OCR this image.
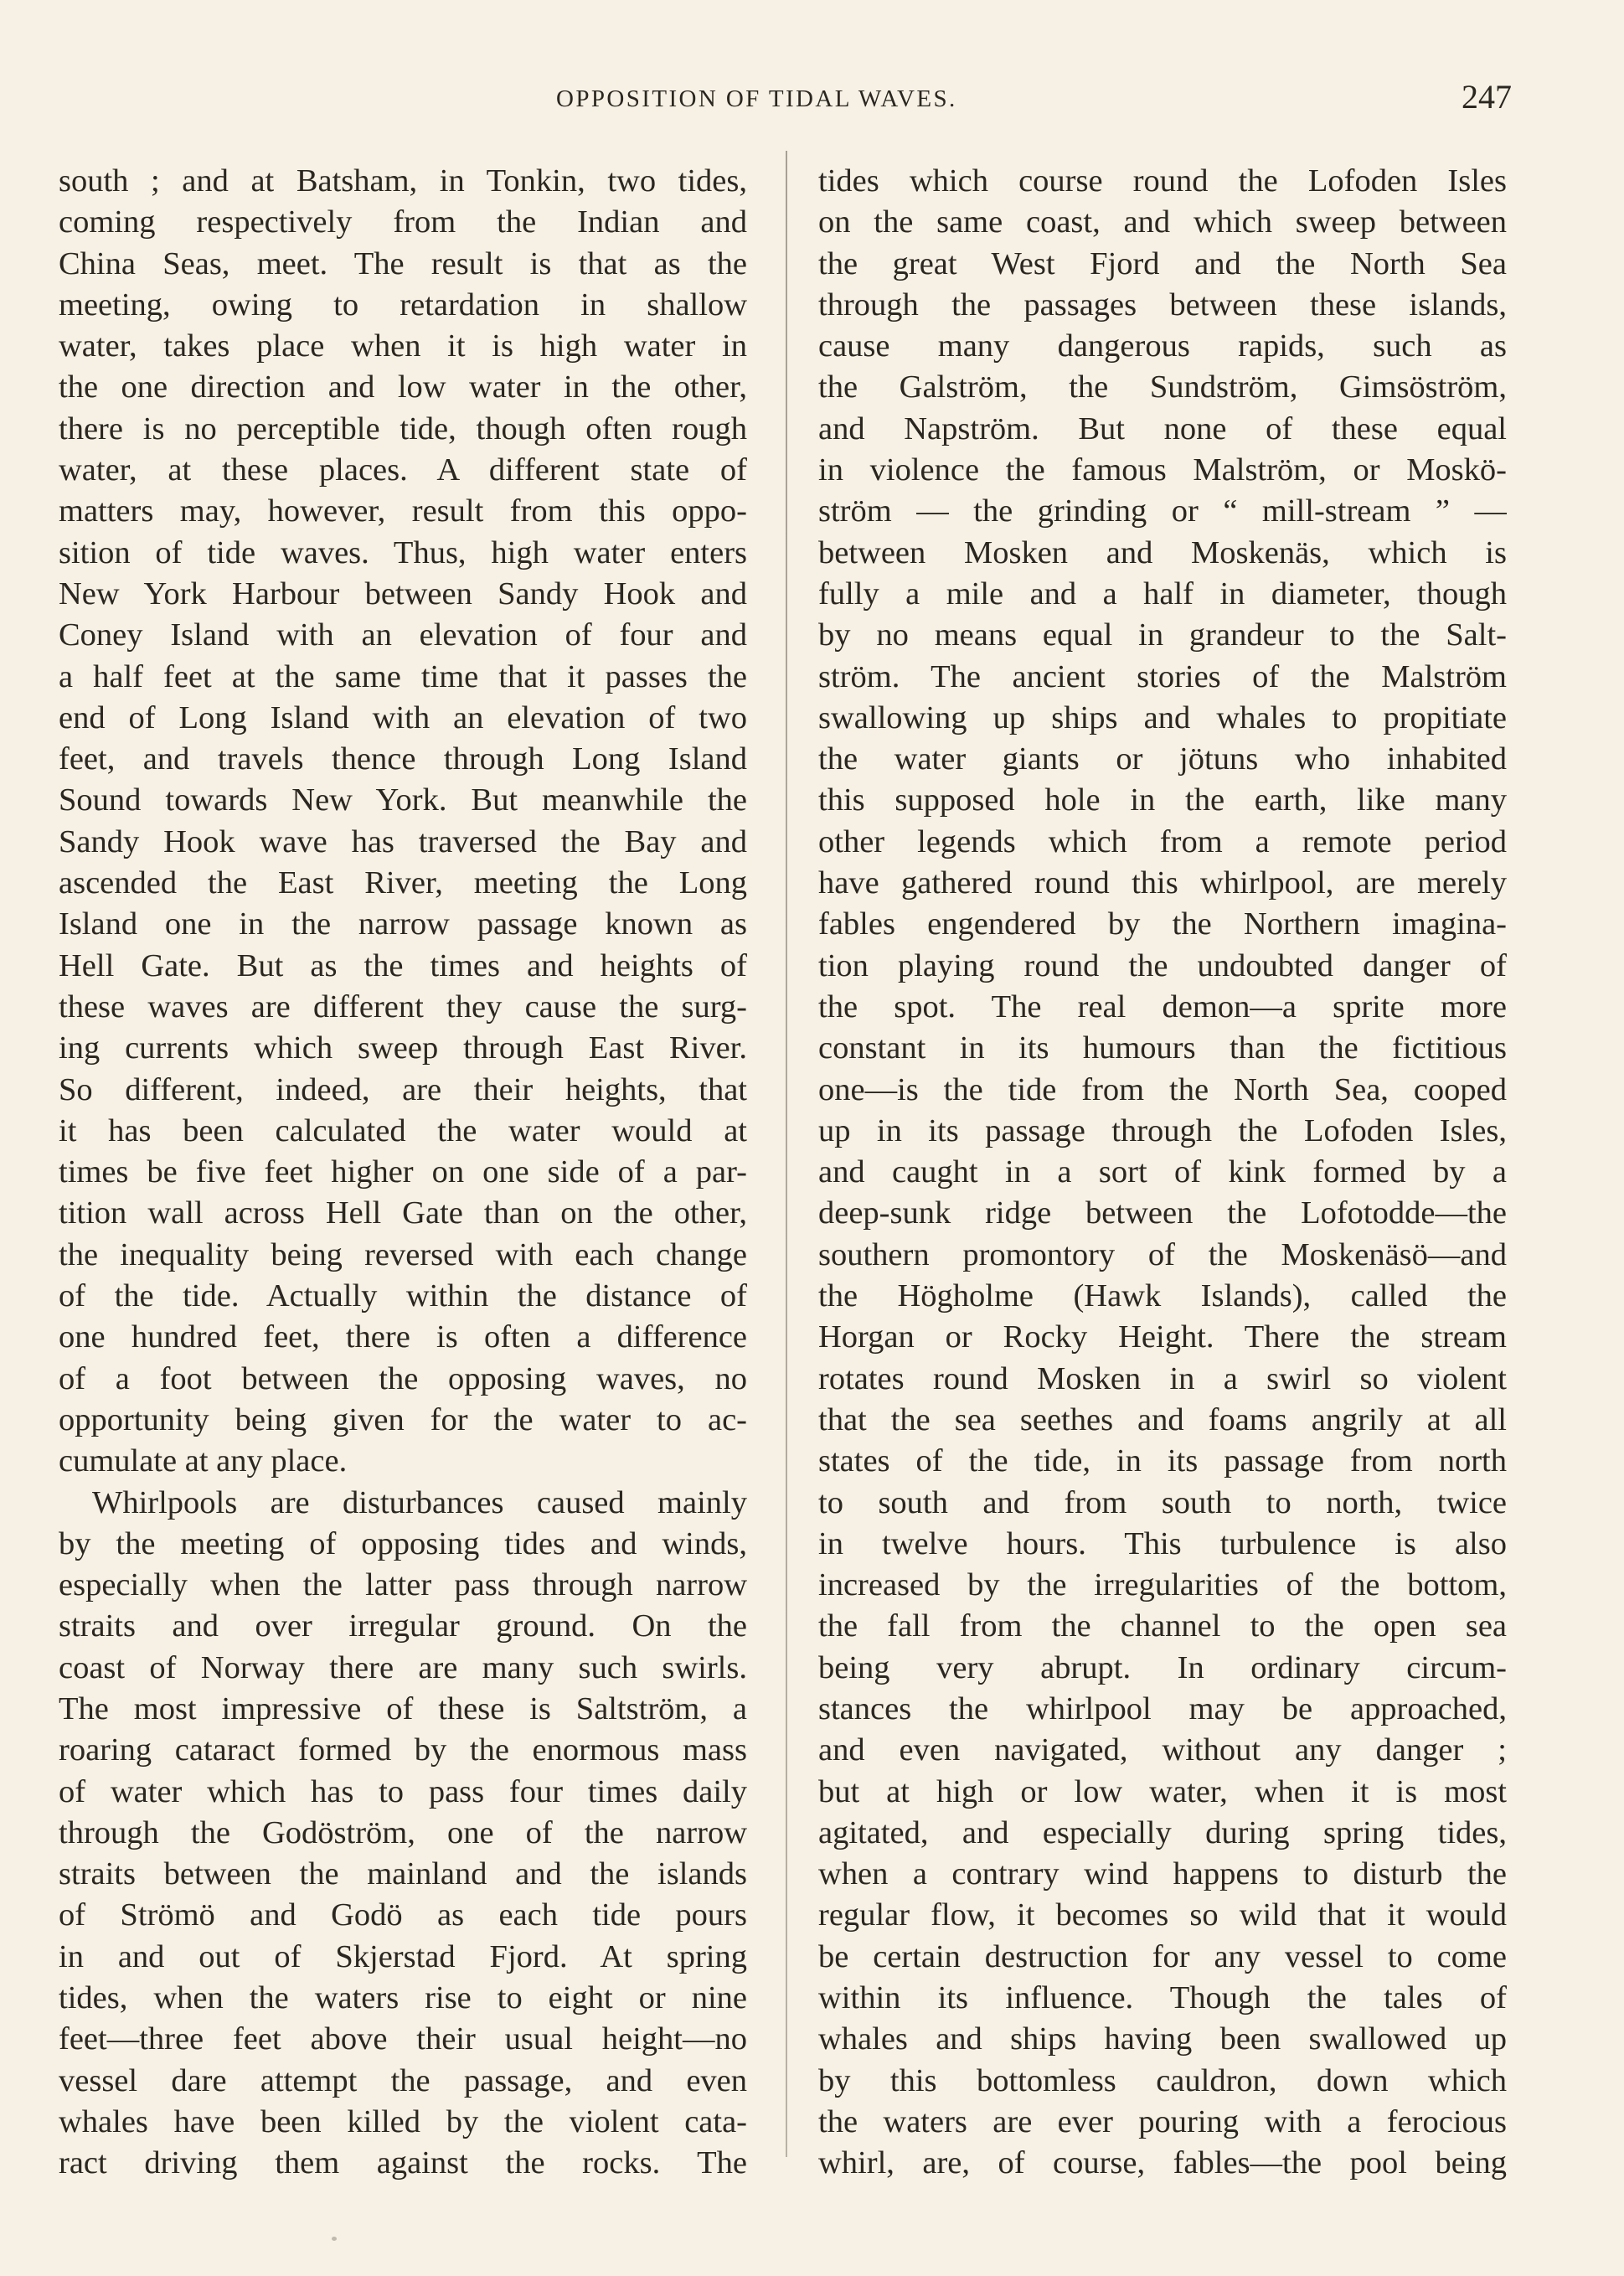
OPPOSITION OF TIDAL WAVES.	247
south ; and at Batsham, in Tonkin, two tides,
coming respectively from the Indian and
China Seas, meet. The result is that as the
meeting, owing to retardation in shallow
water, takes place when it is high water in
the one direction and low water in the other,
there is no perceptible tide, though often rough
water, at these places. A different state of
matters may, however, result from this oppo-
sition of tide waves. Thus, high water enters
New York Harbour between Sandy Hook and
Coney Island with an elevation of four and
a half feet at the same time that it passes the
end of Long Island with an elevation of two
feet, and travels thence through Long Island
Sound towards New York. But meanwhile the
Sandy Hook wave has traversed the Bay and
ascended the East River, meeting the Long
Island one in the narrow passage known as
Hell Gate. But as the times and heights of
these waves are different they cause the surg-
ing currents which sweep through East River.
So different, indeed, are their heights, that
it has been calculated the water would at
times be five feet higher on one side of a par-
tition wall across Hell Gate than on the other,
the inequality being reversed with each change
of the tide. Actually within the distance of
one hundred feet, there is often a difference
of a foot between the opposing waves, no
opportunity being given for the water to ac-
cumulate at any place.
Whirlpools are disturbances caused mainly
by the meeting of opposing tides and winds,
especially when the latter pass through narrow
straits and over irregular ground. On the
coast of Norway there are many such swirls.
The most impressive of these is Saltström, a
roaring cataract formed by the enormous mass
of water which has to pass four times daily
through the Godöström, one of the narrow
straits between the mainland and the islands
of Strömö and Godö as each tide pours
in and out of Skjerstad Fjord. At spring
tides, when the waters rise to eight or nine
feet—three feet above their usual height—no
vessel dare attempt the passage, and even
whales have been killed by the violent cata-
ract driving them against the rocks. The
tides which course round the Lofoden Isles
on the same coast, and which sweep between
the great West Fjord and the North Sea
through the passages between these islands,
cause many dangerous rapids, such as
the Galström, the Sundström, Gimsöström,
and Napström. But none of these equal
in violence the famous Malström, or Moskö-
ström — the grinding or “ mill-stream ” —
between Mosken and Moskenäs, which is
fully a mile and a half in diameter, though
by no means equal in grandeur to the Salt-
ström. The ancient stories of the Malström
swallowing up ships and whales to propitiate
the water giants or jötuns who inhabited
this supposed hole in the earth, like many
other legends which from a remote period
have gathered round this whirlpool, are merely
fables engendered by the Northern imagina-
tion playing round the undoubted danger of
the spot. The real demon—a sprite more
constant in its humours than the fictitious
one—is the tide from the North Sea, cooped
up in its passage through the Lofoden Isles,
and caught in a sort of kink formed by a
deep-sunk ridge between the Lofotodde—the
southern promontory of the Moskenäsö—and
the Högholme (Hawk Islands), called the
Horgan or Rocky Height. There the stream
rotates round Mosken in a swirl so violent
that the sea seethes and foams angrily at all
states of the tide, in its passage from north
to south and from south to north, twice
in twelve hours. This turbulence is also
increased by the irregularities of the bottom,
the fall from the channel to the open sea
being very abrupt. In ordinary circum-
stances the whirlpool may be approached,
and even navigated, without any danger ;
but at high or low water, when it is most
agitated, and especially during spring tides,
when a contrary wind happens to disturb the
regular flow, it becomes so wild that it would
be certain destruction for any vessel to come
within its influence. Though the tales of
whales and ships having been swallowed up
by this bottomless cauldron, down which
the waters are ever pouring with a ferocious
whirl, are, of course, fables—the pool being
